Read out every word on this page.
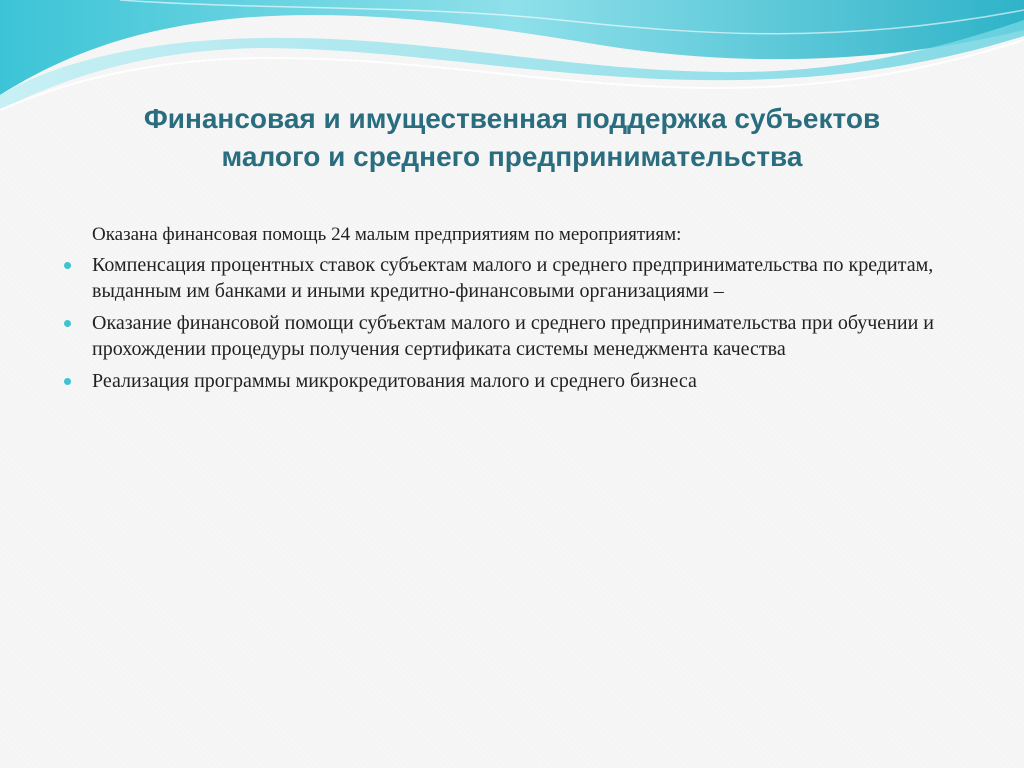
Финансовая и имущественная поддержка субъектов
малого и среднего предпринимательства

Оказана финансовая помощь 24 малым предприятиям по мероприятиям:

Компенсация процентных ставок субъектам малого и среднего предпринимательства по кредитам, выданным им банками и иными кредитно-финансовыми организациями –
Оказание финансовой помощи субъектам малого и среднего предпринимательства при обучении и прохождении процедуры получения сертификата системы менеджмента качества
Реализация программы микрокредитования малого и среднего бизнеса
